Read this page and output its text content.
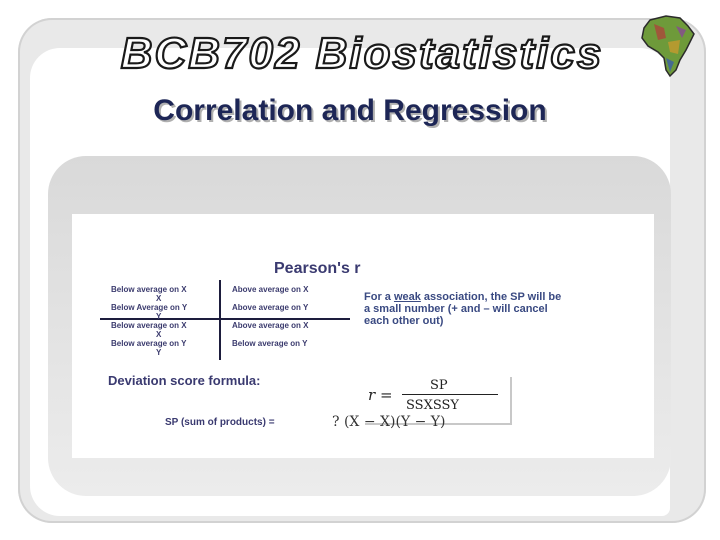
BCB702 Biostatistics
Correlation and Regression
Pearson's r
Below average on X
Below Average on Y
Above average on X
Above average on Y
Below average on X
Below average on Y
Above average on X
Below average on Y
X
Y
X
Y
For a weak association, the SP will be a small number (+ and – will cancel each other out)
Deviation score formula:
r =
SP
SSXSSY
SP (sum of products) =	? (X − X)(Y − Y)
